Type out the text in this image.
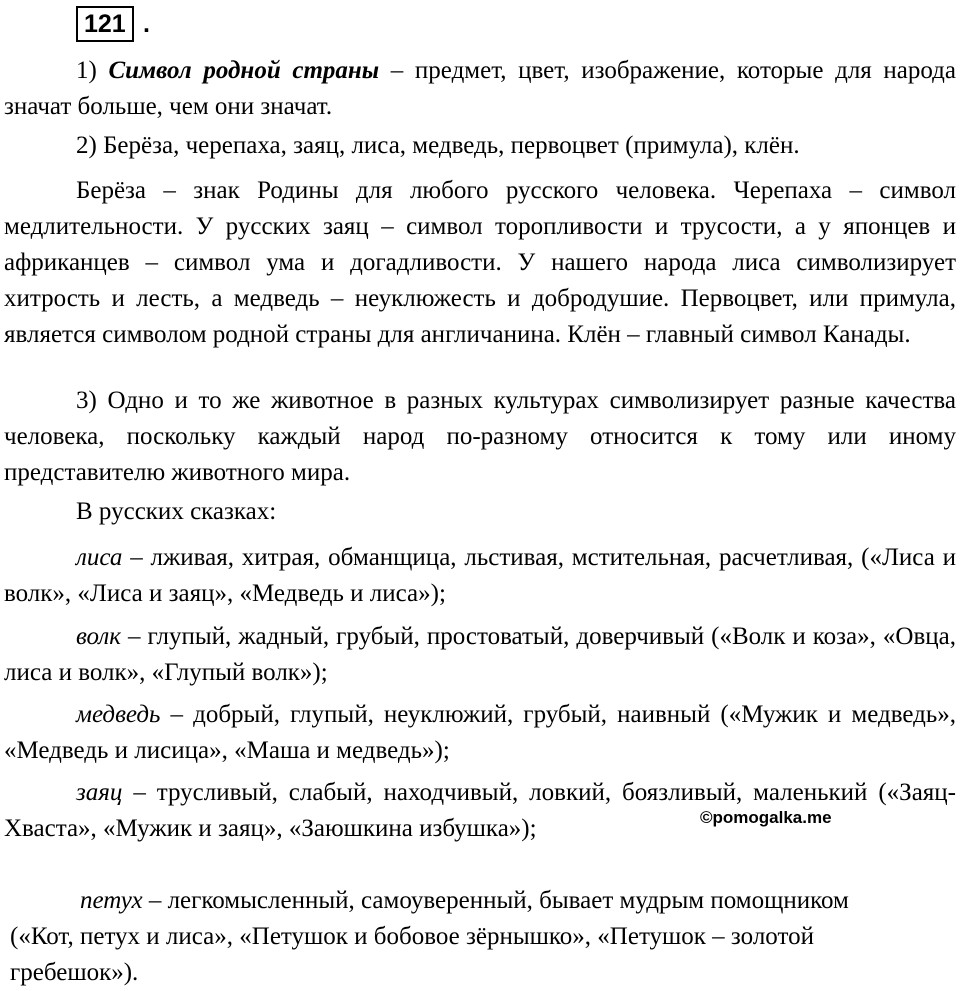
121 .

1) Символ родной страны – предмет, цвет, изображение, которые для народа значат больше, чем они значат.

2) Берёза, черепаха, заяц, лиса, медведь, первоцвет (примула), клён.

Берёза – знак Родины для любого русского человека. Черепаха – символ медлительности. У русских заяц – символ торопливости и трусости, а у японцев и африканцев – символ ума и догадливости. У нашего народа лиса символизирует хитрость и лесть, а медведь – неуклюжесть и добродушие. Первоцвет, или примула, является символом родной страны для англичанина. Клён – главный символ Канады.

3) Одно и то же животное в разных культурах символизирует разные качества человека, поскольку каждый народ по-разному относится к тому или иному представителю животного мира.

В русских сказках:

лиса – лживая, хитрая, обманщица, льстивая, мстительная, расчетливая, («Лиса и волк», «Лиса и заяц», «Медведь и лиса»);

волк – глупый, жадный, грубый, простоватый, доверчивый («Волк и коза», «Овца, лиса и волк», «Глупый волк»);

медведь – добрый, глупый, неуклюжий, грубый, наивный («Мужик и медведь», «Медведь и лисица», «Маша и медведь»);

заяц – трусливый, слабый, находчивый, ловкий, боязливый, маленький («Заяц-Хваста», «Мужик и заяц», «Заюшкина избушка»);	©pomogalka.me

петух – легкомысленный, самоуверенный, бывает мудрым помощником («Кот, петух и лиса», «Петушок и бобовое зёрнышко», «Петушок – золотой гребешок»).
